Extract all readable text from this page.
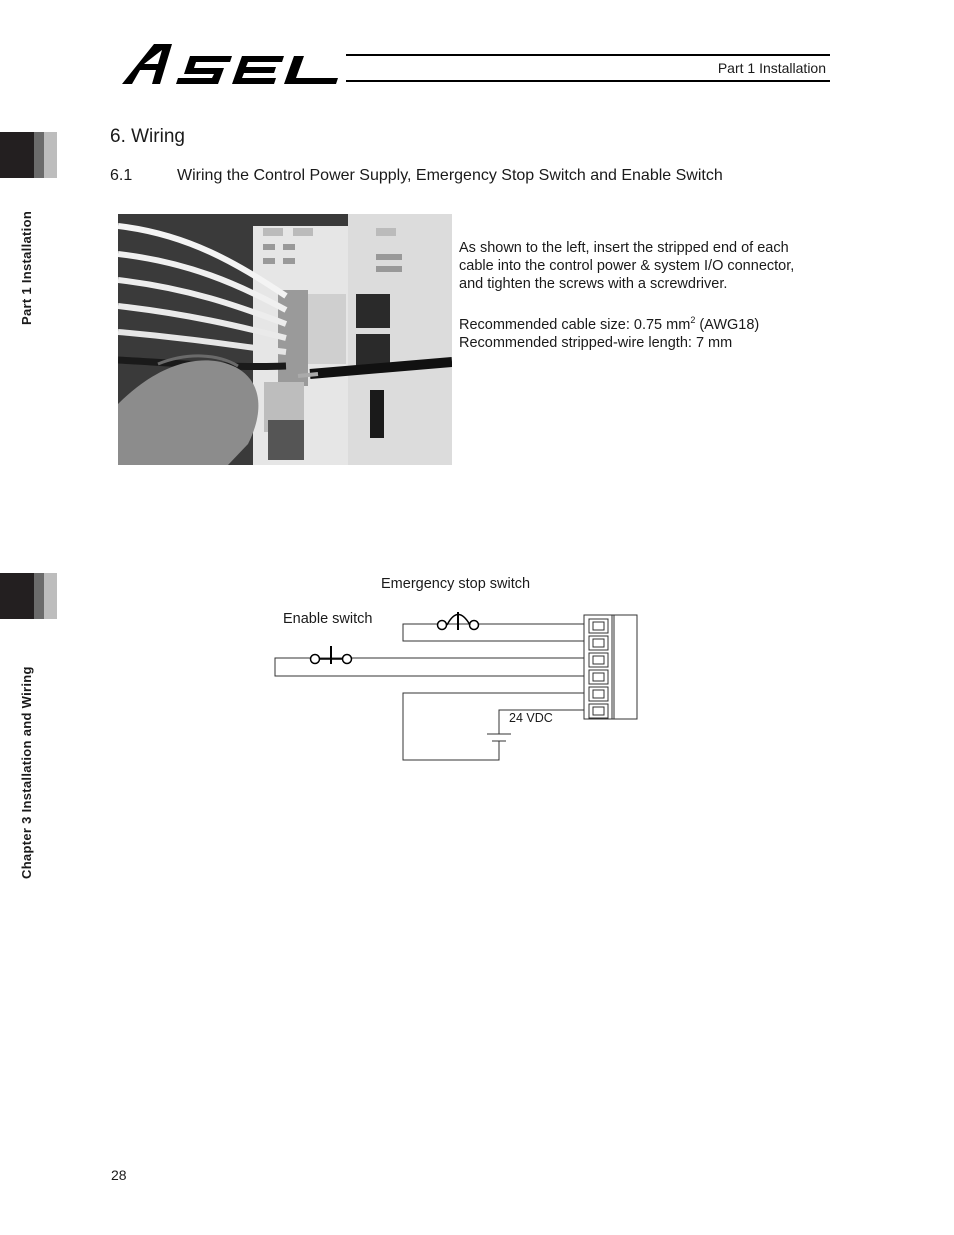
Part 1 Installation
Part 1 Installation
Chapter 3 Installation and Wiring
6. Wiring
6.1	Wiring the Control Power Supply, Emergency Stop Switch and Enable Switch

As shown to the left, insert the stripped end of each

cable into the control power & system I/O connector,

and tighten the screws with a screwdriver.

Recommended cable size: 0.75 $mm^2$ (AWG18)

Recommended stripped-wire length: 7 mm

Emergency stop switch
Enable switch
24 VDC
28
